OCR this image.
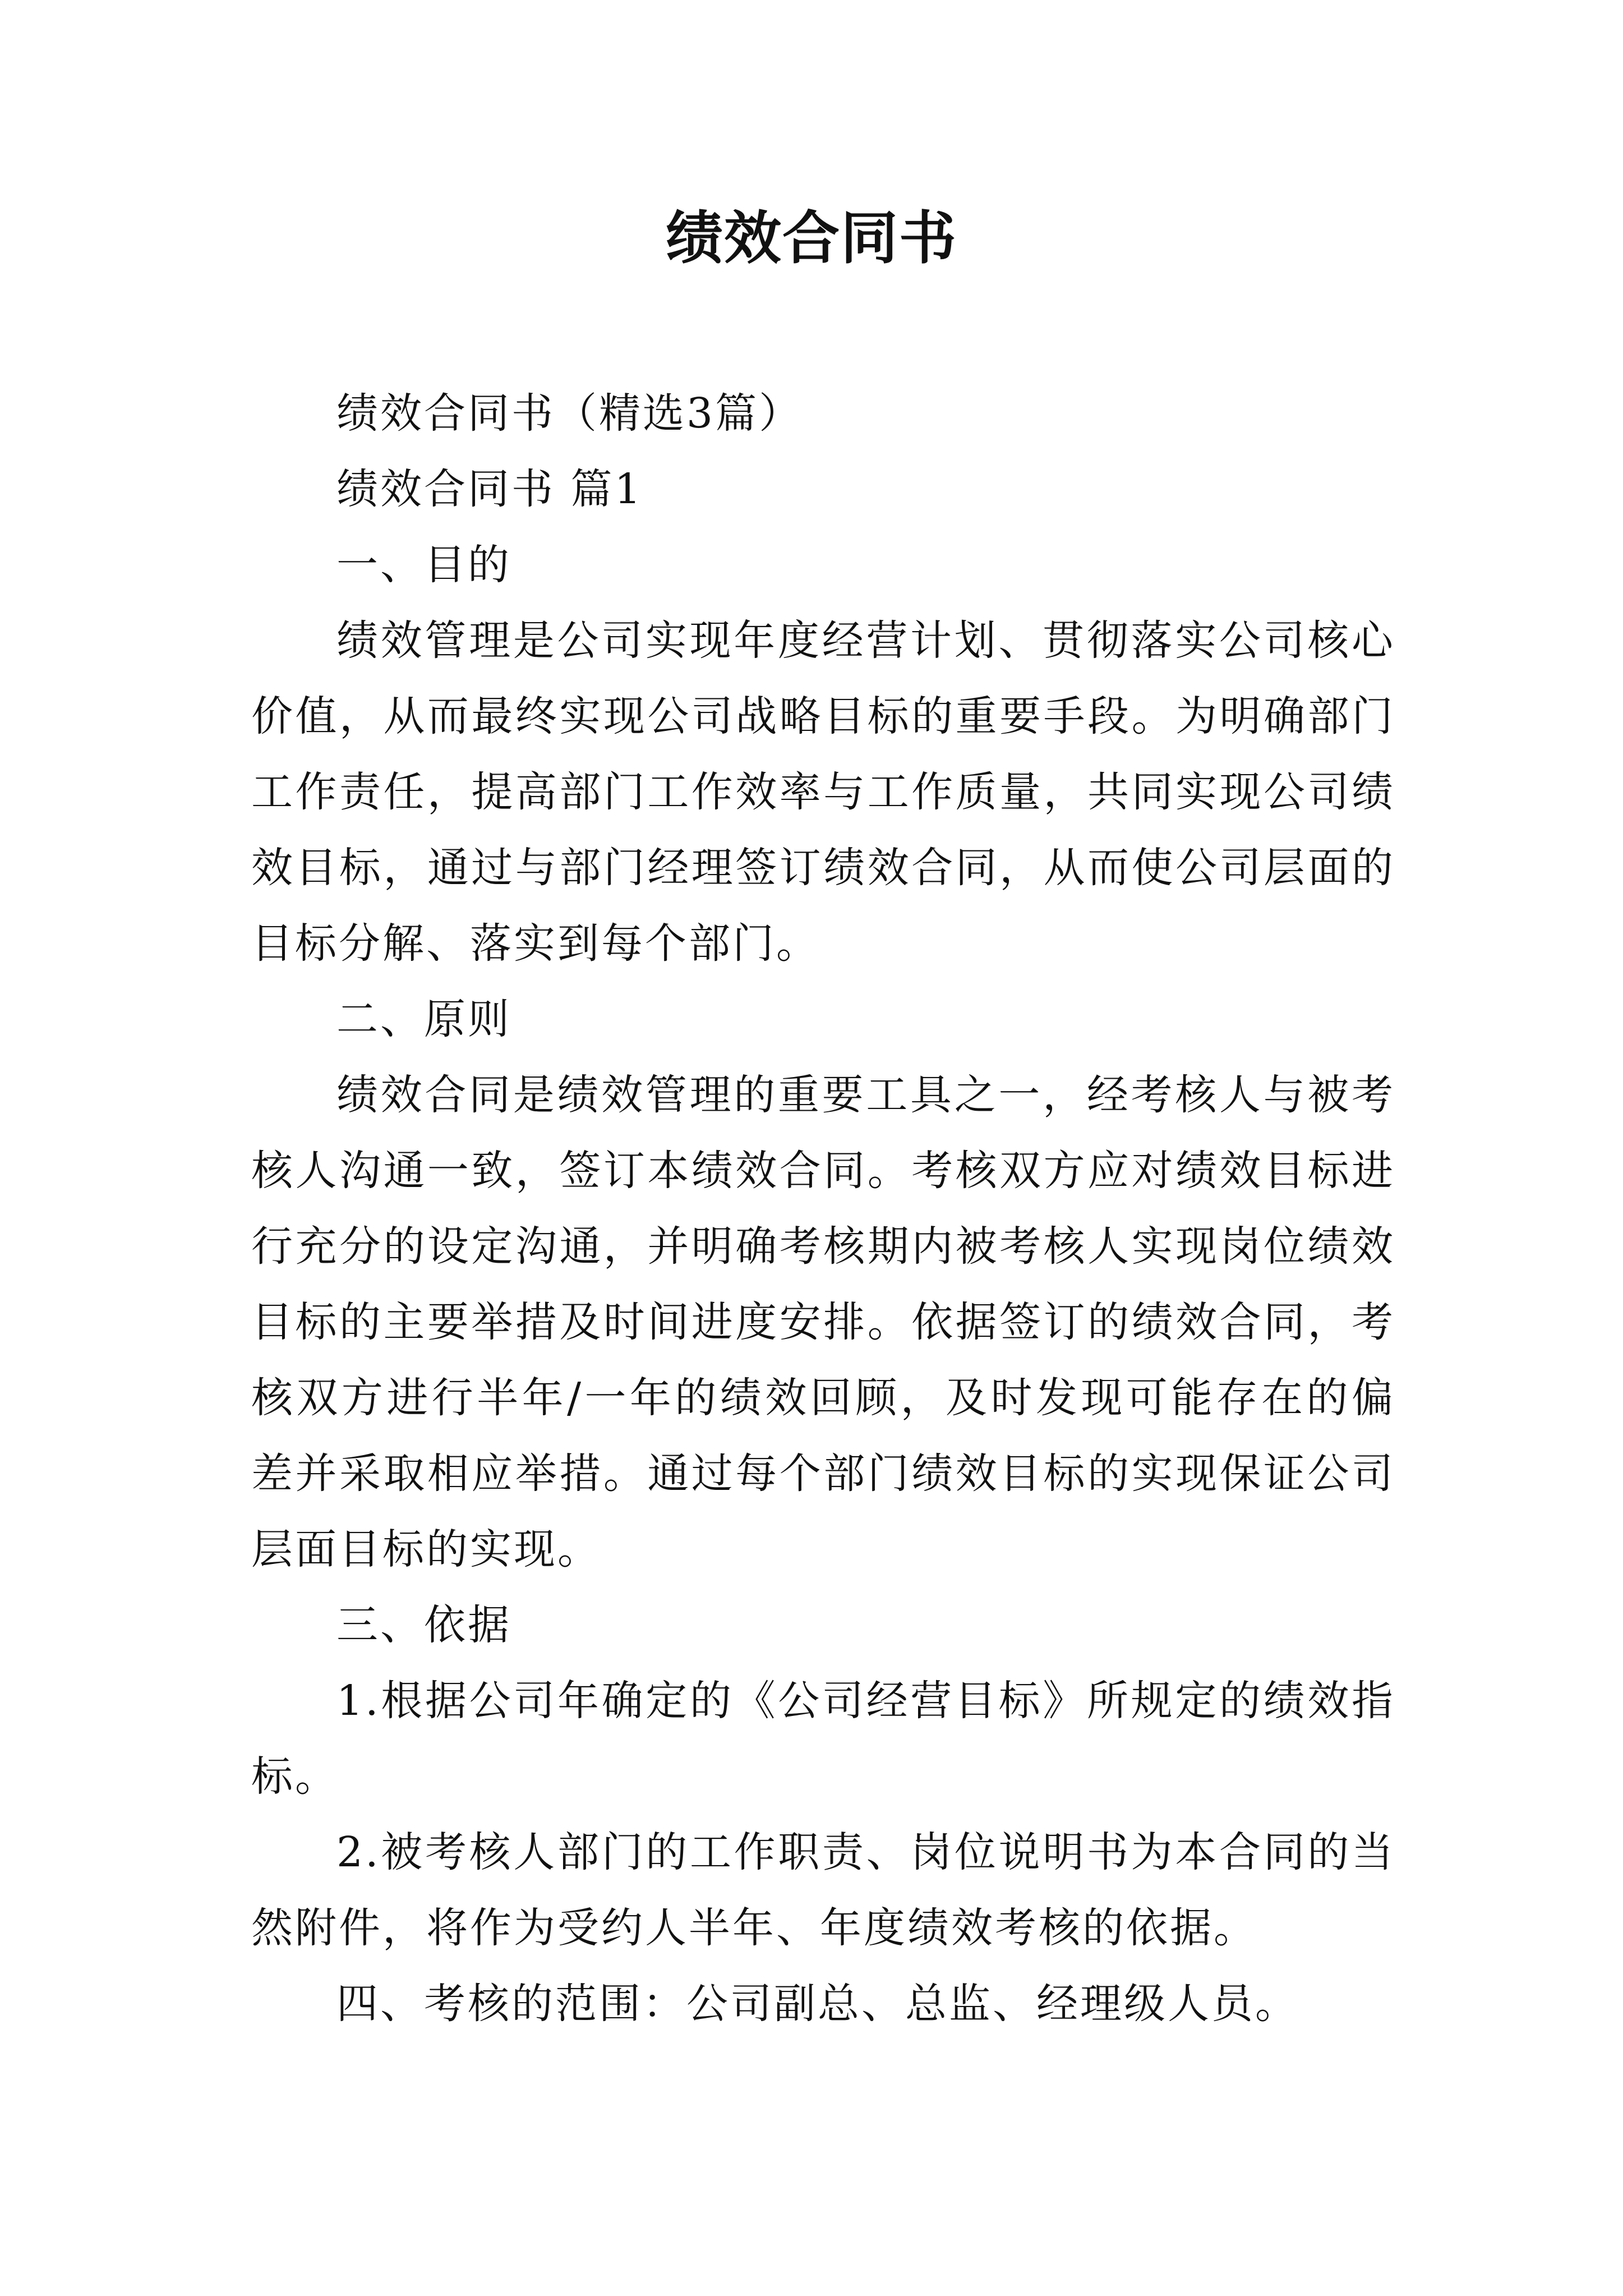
绩效合同书

绩效合同书（精选3篇）

绩效合同书 篇1

一、目的

绩效管理是公司实现年度经营计划、贯彻落实公司核心价值，从而最终实现公司战略目标的重要手段。为明确部门工作责任，提高部门工作效率与工作质量，共同实现公司绩效目标，通过与部门经理签订绩效合同，从而使公司层面的目标分解、落实到每个部门。

二、原则

绩效合同是绩效管理的重要工具之一，经考核人与被考核人沟通一致，签订本绩效合同。考核双方应对绩效目标进行充分的设定沟通，并明确考核期内被考核人实现岗位绩效目标的主要举措及时间进度安排。依据签订的绩效合同，考核双方进行半年/一年的绩效回顾，及时发现可能存在的偏差并采取相应举措。通过每个部门绩效目标的实现保证公司层面目标的实现。

三、依据

1.根据公司年确定的《公司经营目标》所规定的绩效指标。

2.被考核人部门的工作职责、岗位说明书为本合同的当然附件，将作为受约人半年、年度绩效考核的依据。

四、考核的范围：公司副总、总监、经理级人员。
